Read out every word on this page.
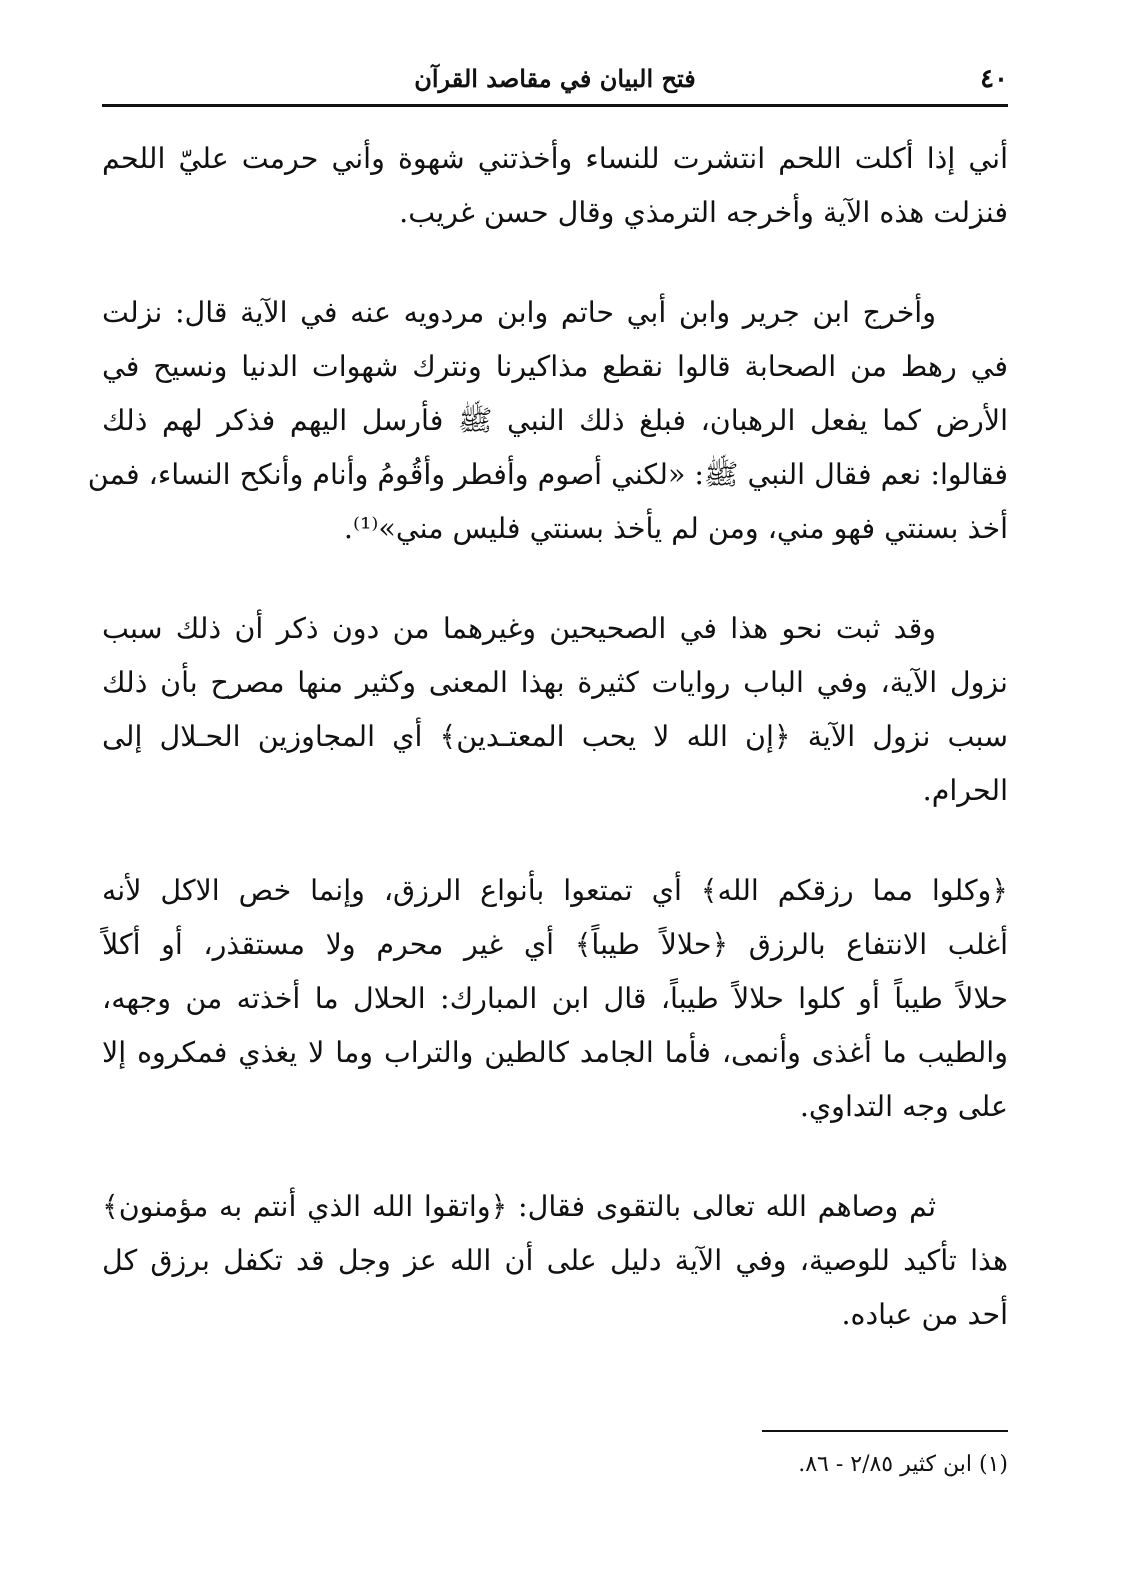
٤٠
فتح البيان في مقاصد القرآن

أني إذا أكلت اللحم انتشرت للنساء وأخذتني شهوة وأني حرمت عليّ اللحم
فنزلت هذه الآية وأخرجه الترمذي وقال حسن غريب.

وأخرج ابن جرير وابن أبي حاتم وابن مردويه عنه في الآية قال: نزلت
في رهط من الصحابة قالوا نقطع مذاكيرنا ونترك شهوات الدنيا ونسيح في
الأرض كما يفعل الرهبان، فبلغ ذلك النبي ﷺ فأرسل اليهم فذكر لهم ذلك
فقالوا: نعم فقال النبي ﷺ: «لكني أصوم وأفطر وأقُومُ وأنام وأنكح النساء، فمن
أخذ بسنتي فهو مني، ومن لم يأخذ بسنتي فليس مني»⁽¹⁾.

وقد ثبت نحو هذا في الصحيحين وغيرهما من دون ذكر أن ذلك سبب
نزول الآية، وفي الباب روايات كثيرة بهذا المعنى وكثير منها مصرح بأن ذلك
سبب نزول الآية ﴿إن الله لا يحب المعتـدين﴾ أي المجاوزين الحـلال إلى
الحرام.

﴿وكلوا مما رزقكم الله﴾ أي تمتعوا بأنواع الرزق، وإنما خص الاكل لأنه
أغلب الانتفاع بالرزق ﴿حلالاً طيباً﴾ أي غير محرم ولا مستقذر، أو أكلاً
حلالاً طيباً أو كلوا حلالاً طيباً، قال ابن المبارك: الحلال ما أخذته من وجهه،
والطيب ما أغذى وأنمى، فأما الجامد كالطين والتراب وما لا يغذي فمكروه إلا
على وجه التداوي.

ثم وصاهم الله تعالى بالتقوى فقال: ﴿واتقوا الله الذي أنتم به مؤمنون﴾
هذا تأكيد للوصية، وفي الآية دليل على أن الله عز وجل قد تكفل برزق كل
أحد من عباده.

(١) ابن كثير ٢/٨٥ - ٨٦.
